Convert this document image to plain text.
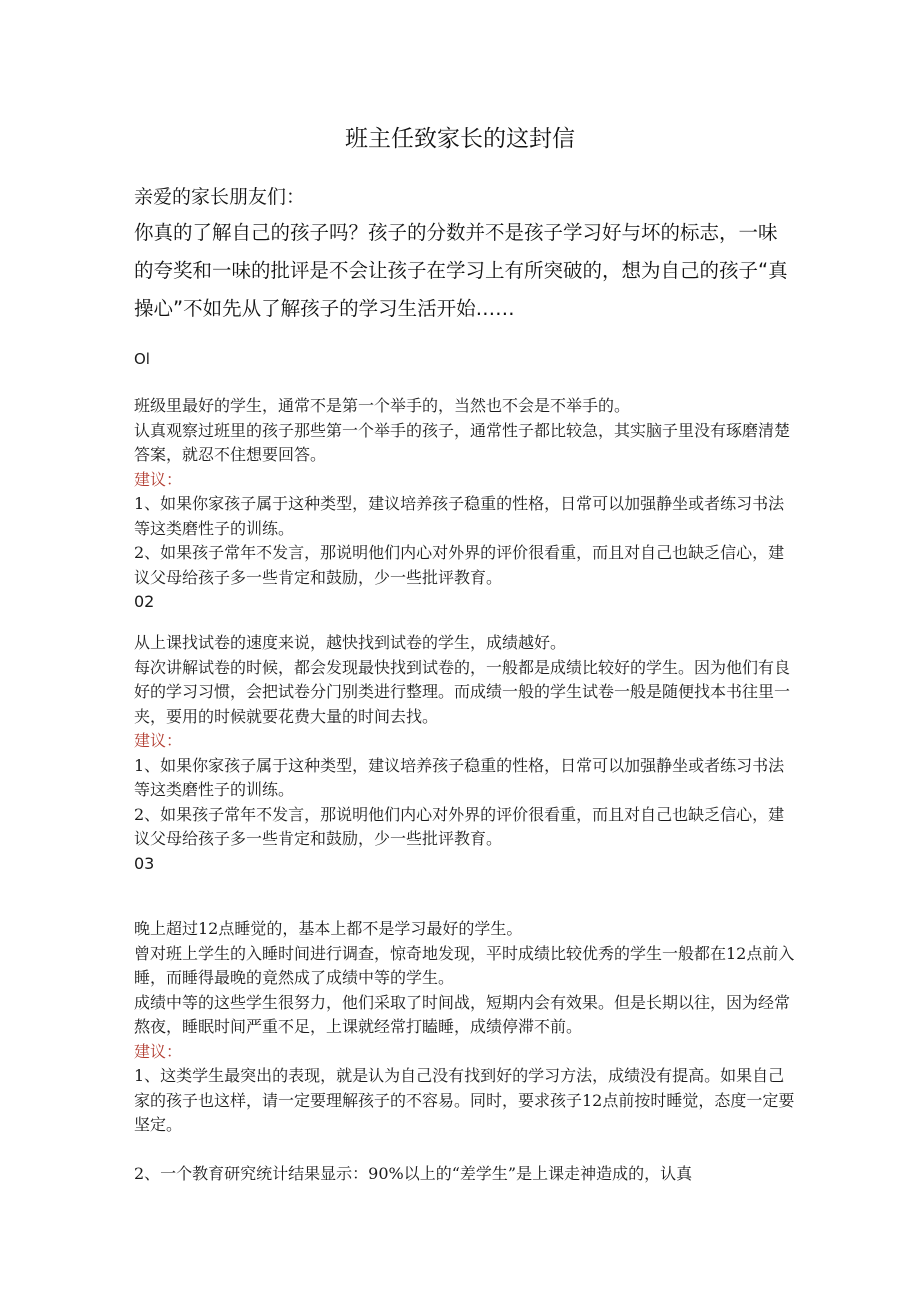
班主任致家长的这封信
亲爱的家长朋友们：
你真的了解自己的孩子吗？孩子的分数并不是孩子学习好与坏的标志，一味的夸奖和一味的批评是不会让孩子在学习上有所突破的，想为自己的孩子“真操心”不如先从了解孩子的学习生活开始……
Ol

班级里最好的学生，通常不是第一个举手的，当然也不会是不举手的。

认真观察过班里的孩子那些第一个举手的孩子，通常性子都比较急，其实脑子里没有琢磨清楚答案，就忍不住想要回答。

建议：

1、如果你家孩子属于这种类型，建议培养孩子稳重的性格，日常可以加强静坐或者练习书法等这类磨性子的训练。

2、如果孩子常年不发言，那说明他们内心对外界的评价很看重，而且对自己也缺乏信心，建议父母给孩子多一些肯定和鼓励，少一些批评教育。

02

从上课找试卷的速度来说，越快找到试卷的学生，成绩越好。

每次讲解试卷的时候，都会发现最快找到试卷的，一般都是成绩比较好的学生。因为他们有良好的学习习惯，会把试卷分门别类进行整理。而成绩一般的学生试卷一般是随便找本书往里一夹，要用的时候就要花费大量的时间去找。

建议：

1、如果你家孩子属于这种类型，建议培养孩子稳重的性格，日常可以加强静坐或者练习书法等这类磨性子的训练。

2、如果孩子常年不发言，那说明他们内心对外界的评价很看重，而且对自己也缺乏信心，建议父母给孩子多一些肯定和鼓励，少一些批评教育。

03

晚上超过12点睡觉的，基本上都不是学习最好的学生。

曾对班上学生的入睡时间进行调查，惊奇地发现，平时成绩比较优秀的学生一般都在12点前入睡，而睡得最晚的竟然成了成绩中等的学生。

成绩中等的这些学生很努力，他们采取了时间战，短期内会有效果。但是长期以往，因为经常熬夜，睡眠时间严重不足，上课就经常打瞌睡，成绩停滞不前。

建议：

1、这类学生最突出的表现，就是认为自己没有找到好的学习方法，成绩没有提高。如果自己家的孩子也这样，请一定要理解孩子的不容易。同时，要求孩子12点前按时睡觉，态度一定要坚定。

2、一个教育研究统计结果显示：90%以上的“差学生”是上课走神造成的，认真
